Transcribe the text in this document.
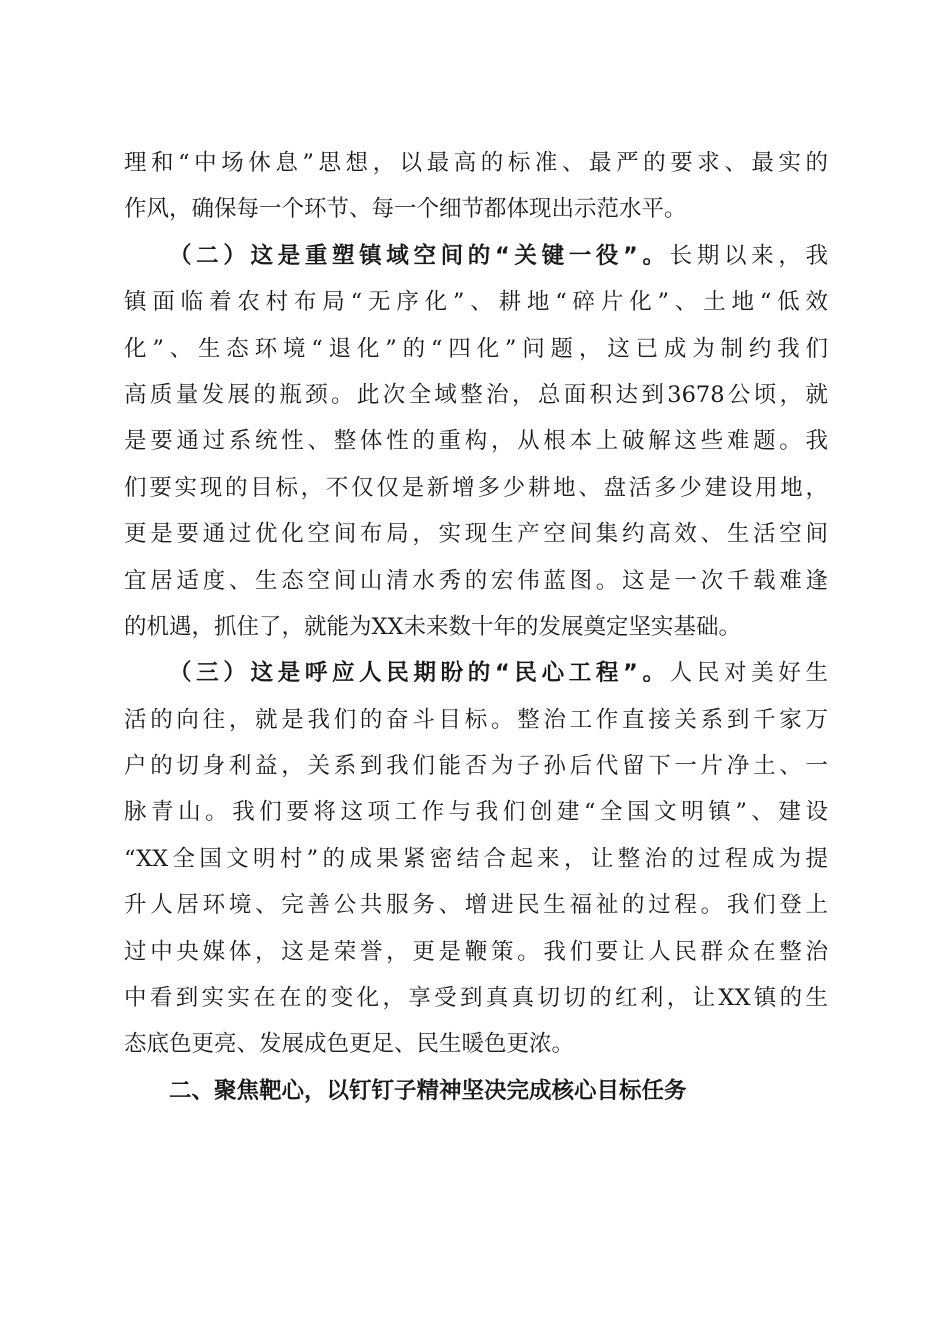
理和“中场休息”思想，以最高的标准、最严的要求、最实的
作风，确保每一个环节、每一个细节都体现出示范水平。
（二）这是重塑镇域空间的“关键一役”。长期以来，我
镇面临着农村布局“无序化”、耕地“碎片化”、土地“低效
化”、生态环境“退化”的“四化”问题，这已成为制约我们
高质量发展的瓶颈。此次全域整治，总面积达到3678公顷，就
是要通过系统性、整体性的重构，从根本上破解这些难题。我
们要实现的目标，不仅仅是新增多少耕地、盘活多少建设用地，
更是要通过优化空间布局，实现生产空间集约高效、生活空间
宜居适度、生态空间山清水秀的宏伟蓝图。这是一次千载难逢
的机遇，抓住了，就能为XX未来数十年的发展奠定坚实基础。
（三）这是呼应人民期盼的“民心工程”。人民对美好生
活的向往，就是我们的奋斗目标。整治工作直接关系到千家万
户的切身利益，关系到我们能否为子孙后代留下一片净土、一
脉青山。我们要将这项工作与我们创建“全国文明镇”、建设
“XX全国文明村”的成果紧密结合起来，让整治的过程成为提
升人居环境、完善公共服务、增进民生福祉的过程。我们登上
过中央媒体，这是荣誉，更是鞭策。我们要让人民群众在整治
中看到实实在在的变化，享受到真真切切的红利，让XX镇的生
态底色更亮、发展成色更足、民生暖色更浓。
二、聚焦靶心，以钉钉子精神坚决完成核心目标任务
